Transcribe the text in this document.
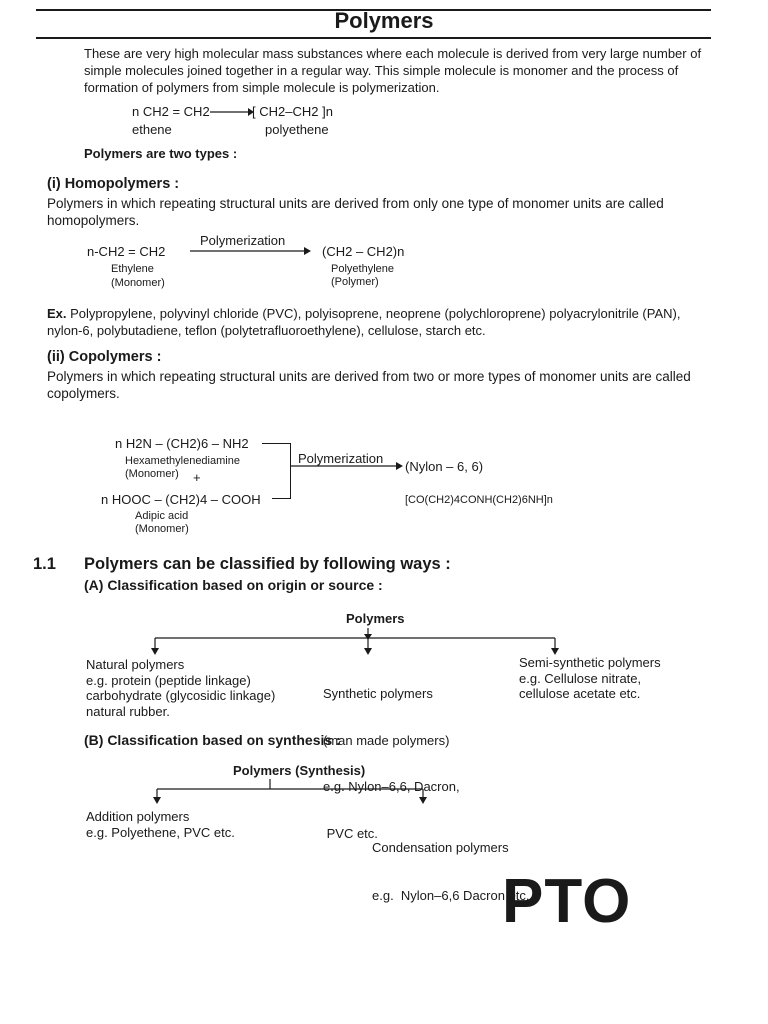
Polymers
These are very high molecular mass substances where each molecule is derived from very large number of simple molecules joined together in a regular way. This simple molecule is monomer and the process of formation of polymers from simple molecule is polymerization.
n CH2 = CH2	[ CH2–CH2 ]n
ethene	polyethene
Polymers are two types :
(i) Homopolymers :
Polymers in which repeating structural units are derived from only one type of monomer units are called homopolymers.
n-CH2 = CH2
Polymerization
(CH2 – CH2)n
Ethylene
(Monomer)
Polyethylene
(Polymer)
Ex. Polypropylene, polyvinyl chloride (PVC), polyisoprene, neoprene (polychloroprene) polyacrylonitrile (PAN), nylon-6, polybutadiene, teflon (polytetrafluoroethylene), cellulose, starch etc.
(ii) Copolymers :
Polymers in which repeating structural units are derived from two or more types of monomer units are called copolymers.
n H2N – (CH2)6 – NH2
Hexamethylenediamine
(Monomer) +
n HOOC – (CH2)4 – COOH
Adipic acid
(Monomer)
Polymerization
(Nylon – 6, 6)
[CO(CH2)4CONH(CH2)6NH]n
1.1 Polymers can be classified by following ways :
(A) Classification based on origin or source :
Polymers
Natural polymers
e.g. protein (peptide linkage)
carbohydrate (glycosidic linkage)
natural rubber.

Synthetic polymers

(man made polymers)

e.g. Nylon–6,6, Dacron,

PVC etc.

Semi-synthetic polymers
e.g. Cellulose nitrate,
cellulose acetate etc.
(B) Classification based on synthesis :
Polymers (Synthesis)
Addition polymers
e.g. Polyethene, PVC etc.

Condensation polymers

e.g.  Nylon–6,6 Dacron etc.

PTO
